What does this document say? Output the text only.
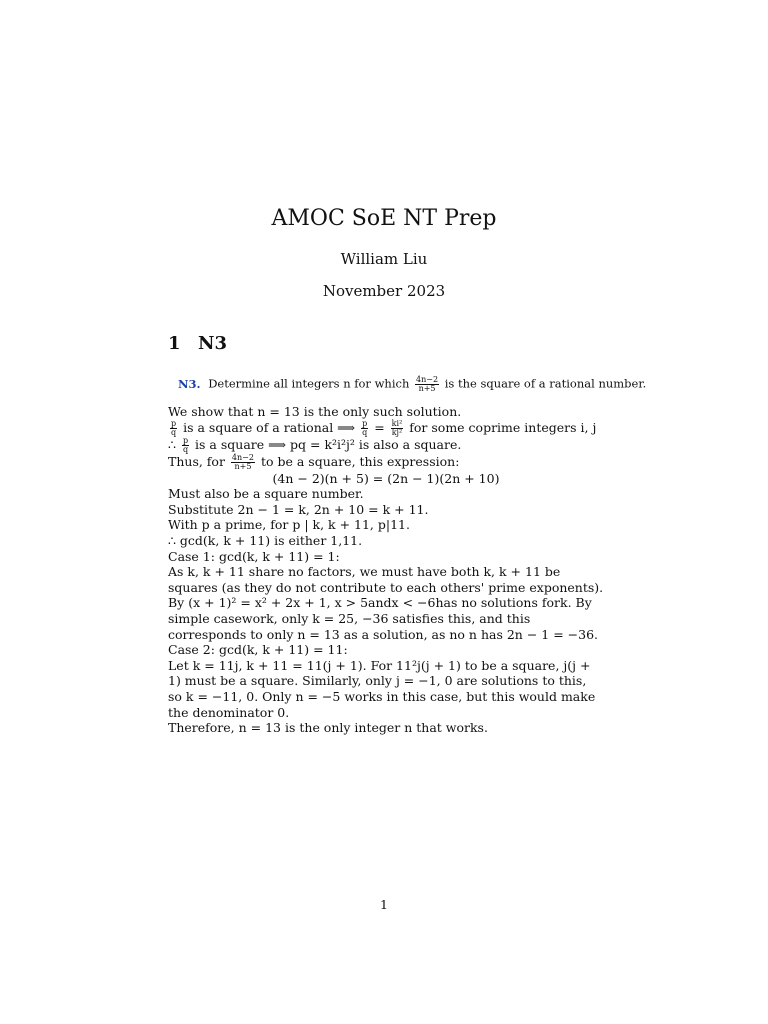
AMOC SoE NT Prep
William Liu
November 2023
1 N3
N3. Determine all integers n for which $\frac{4n-2}{n+5}$ is the square of a rational number.

We show that n = 13 is the only such solution.

$\frac{p}{q}$ is a square of a rational ⟹ $\frac{p}{q} = \frac{\text{ki²}}{\text{kj²}}$ for some coprime integers i, j

∴ $\frac{p}{q}$ is a square ⟹ pq = k²i²j² is also a square.

Thus, for $\frac{4n-2}{n+5}$ to be a square, this expression:

(4n − 2)(n + 5) = (2n − 1)(2n + 10)

Must also be a square number.

Substitute 2n − 1 = k, 2n + 10 = k + 11.

With p a prime, for p | k, k + 11, p|11.

∴ gcd(k, k + 11) is either 1,11.

Case 1: gcd(k, k + 11) = 1:

As k, k + 11 share no factors, we must have both k, k + 11 be squares (as they do not contribute to each others' prime exponents).

By (x + 1)² = x² + 2x + 1, x > 5andx < −6has no solutions fork. By simple casework, only k = 25, −36 satisfies this, and this corresponds to only n = 13 as a solution, as no n has 2n − 1 = −36.

Case 2: gcd(k, k + 11) = 11:

Let k = 11j, k + 11 = 11(j + 1). For 11²j(j + 1) to be a square, j(j + 1) must be a square. Similarly, only j = −1, 0 are solutions to this, so k = −11, 0. Only n = −5 works in this case, but this would make the denominator 0.

Therefore, n = 13 is the only integer n that works.

1
